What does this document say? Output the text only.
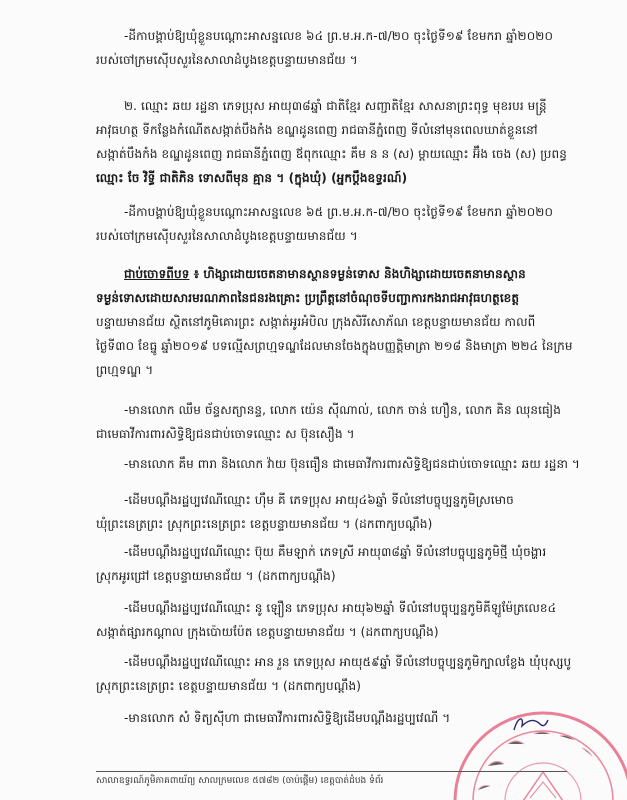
-ដីកាបង្គាប់ឱ្យឃុំខ្លួនបណ្ដោះអាសន្នលេខ ៦៤ ព្រ.ម.អ.ក-៧/២០ ចុះថ្ងៃទី១៩ ខែមករា ឆ្នាំ២០២០
របស់ចៅក្រមស៊ើបសួរនៃសាលាដំបូងខេត្តបន្ទាយមានជ័យ ។
២. ឈ្មោះ ឆយ រដ្ឋនា ភេទប្រុស អាយុ៣៨ឆ្នាំ ជាតិខ្មែរ សញ្ជាតិខ្មែរ សាសនាព្រះពុទ្ធ មុខរបរ មន្ត្រី
អាវុធហត្ថ ទីកន្លែងកំណើតសង្កាត់បឹងកំង ខណ្ឌដូនពេញ រាជធានីភ្នំពេញ ទីលំនៅមុនពេលឃាត់ខ្លួននៅ
សង្កាត់បឹងកំង ខណ្ឌដូនពេញ រាជធានីភ្នំពេញ ឪពុកឈ្មោះ គឹម ន ន (ស) ម្ដាយឈ្មោះ អ៊ឹង ចេង (ស) ប្រពន្ធ
ឈ្មោះ ចែ វិទ្ធី ជាតិភិន ទោសពីមុន គ្មាន ។ (ក្នុងឃុំ) (អ្នកប្ដឹងឧទ្ធរណ៍)
-ដីកាបង្គាប់ឱ្យឃុំខ្លួនបណ្ដោះអាសន្នលេខ ៦៥ ព្រ.ម.អ.ក-៧/២០ ចុះថ្ងៃទី១៩ ខែមករា ឆ្នាំ២០២០
របស់ចៅក្រមស៊ើបសួរនៃសាលាដំបូងខេត្តបន្ទាយមានជ័យ ។
ជាប់ចោទពីបទ ៖ ហិង្សាដោយចេតនាមានស្ថានទម្ងន់ទោស និងហិង្សាដោយចេតនាមានស្ថាន
ទម្ងន់ទោសដោយសារមរណភាពនៃជនរងគ្រោះ ប្រព្រឹត្តនៅចំណុចទីបញ្ជាការកងរាជអាវុធហត្ថខេត្ត
បន្ទាយមានជ័យ ស្ថិតនៅភូមិគោរព្រះ សង្កាត់អូរអំបិល ក្រុងសិរីសោភ័ណ ខេត្តបន្ទាយមានជ័យ កាលពី
ថ្ងៃទី៣០ ខែធ្នូ ឆ្នាំ២០១៩ បទល្មើសព្រហ្មទណ្ឌដែលមានចែងក្នុងបញ្ញត្តិមាត្រា ២១៨ និងមាត្រា ២២៤ នៃក្រម
ព្រហ្មទណ្ឌ ។
-មានលោក ឈឹម ច័ន្ទសត្យានន្ទ, លោក យ៉េន ស៊ីណាល់, លោក ចាន់ ហឿន, លោក គិន ឈុនធៀង
ជាមេធាវីការពារសិទ្ធិឱ្យជនជាប់ចោទឈ្មោះ ស ប៊ុនសឿង ។
-មានលោក គឹម ពារា និងលោក វ៉ាយ ប៊ុនធឿន ជាមេធាវីការពារសិទ្ធិឱ្យជនជាប់ចោទឈ្មោះ ឆយ រដ្ឋនា ។
-ដើមបណ្ដឹងរដ្ឋប្បវេណីឈ្មោះ ហ៊ឹម គី ភេទប្រុស អាយុ៤៦ឆ្នាំ ទីលំនៅបច្ចុប្បន្នភូមិស្រមោច
ឃុំព្រះនេត្រព្រះ ស្រុកព្រះនេត្រព្រះ ខេត្តបន្ទាយមានជ័យ ។ (ដកពាក្យបណ្ដឹង)
-ដើមបណ្ដឹងរដ្ឋប្បវេណីឈ្មោះ ប៊ុយ គឹមឡាក់ ភេទស្រី អាយុ៣៨ឆ្នាំ ទីលំនៅបច្ចុប្បន្នភូមិថ្មី ឃុំចង្ហារ
ស្រុកអូរជ្រៅ ខេត្តបន្ទាយមានជ័យ ។ (ដកពាក្យបណ្ដឹង)
-ដើមបណ្ដឹងរដ្ឋប្បវេណីឈ្មោះ នូ ឡឿន ភេទប្រុស អាយុ៦២ឆ្នាំ ទីលំនៅបច្ចុប្បន្នភូមិគីឡូម៉ែត្រលេខ៤
សង្កាត់ផ្សារកណ្ដាល ក្រុងប៉ោយប៉ែត ខេត្តបន្ទាយមានជ័យ ។ (ដកពាក្យបណ្ដឹង)
-ដើមបណ្ដឹងរដ្ឋប្បវេណីឈ្មោះ អាន រួន ភេទប្រុស អាយុ៥៩ឆ្នាំ ទីលំនៅបច្ចុប្បន្នភូមិក្បាលខ្លែង ឃុំបុស្សបូ
ស្រុកព្រះនេត្រព្រះ ខេត្តបន្ទាយមានជ័យ ។ (ដកពាក្យបណ្ដឹង)
-មានលោក សំ ទិត្យស៊ីហា ជាមេធាវីការពារសិទ្ធិឱ្យដើមបណ្ដឹងរដ្ឋប្បវេណី ។
សាលាឧទ្ធរណ៍ភូមិភាគពាយ័ព្យ សាលក្រមលេខ ៥៧៨២ (ចាប់ផ្ដើម) ខេត្តបាត់ដំបង ទំព័រ
